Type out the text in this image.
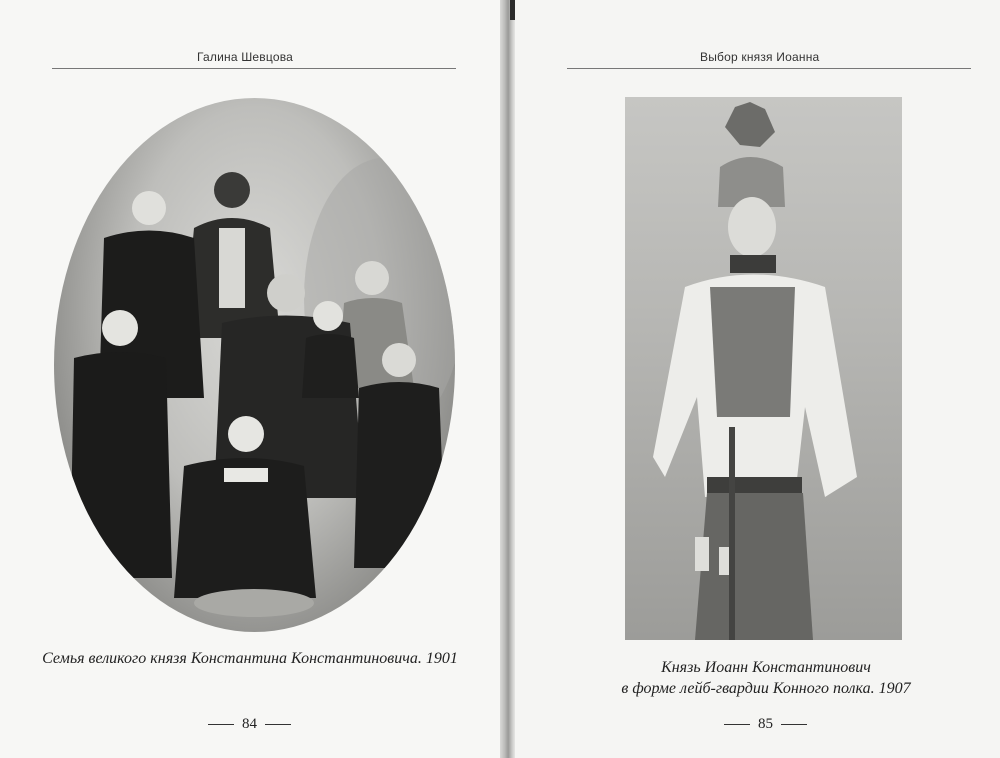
Галина Шевцова
Семья великого князя Константина Константиновича. 1901
84
Выбор князя Иоанна
Князь Иоанн Константинович
в форме лейб-гвардии Конного полка. 1907
85
